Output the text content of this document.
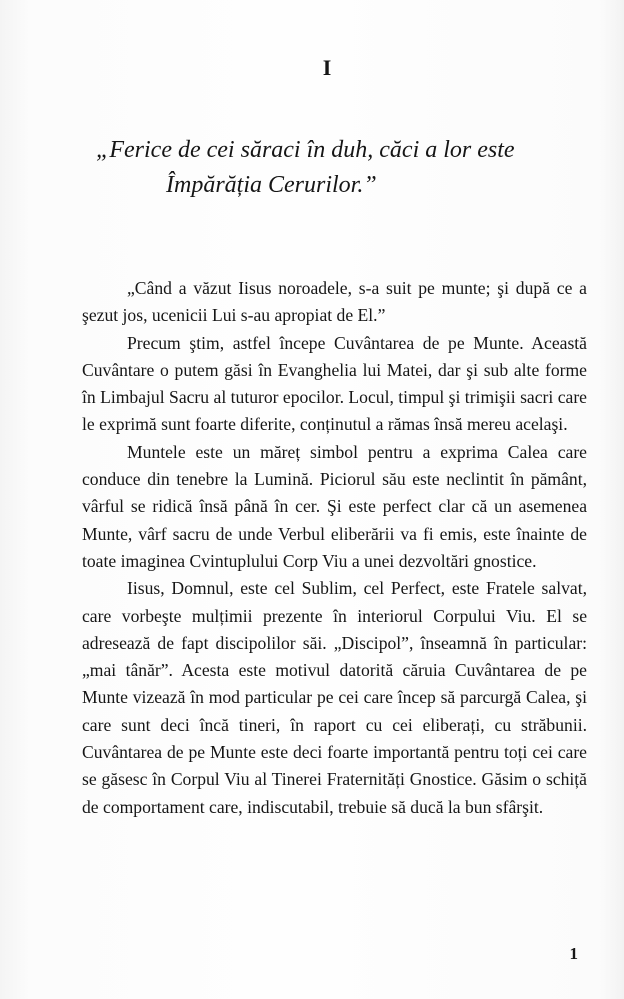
I
„Ferice de cei săraci în duh, căci a lor este
Împărăția Cerurilor.”

„Când a văzut Iisus noroadele, s-a suit pe munte; şi după ce a şezut jos, ucenicii Lui s-au apropiat de El.”

Precum ştim, astfel începe Cuvântarea de pe Munte. Această Cuvântare o putem găsi în Evanghelia lui Matei, dar şi sub alte forme în Limbajul Sacru al tuturor epocilor. Locul, timpul şi trimişii sacri care le exprimă sunt foarte diferite, conținutul a rămas însă mereu acelaşi.

Muntele este un măreț simbol pentru a exprima Calea care conduce din tenebre la Lumină. Piciorul său este neclintit în pământ, vârful se ridică însă până în cer. Şi este perfect clar că un asemenea Munte, vârf sacru de unde Verbul eliberării va fi emis, este înainte de toate imaginea Cvintuplului Corp Viu a unei dezvoltări gnostice.

Iisus, Domnul, este cel Sublim, cel Perfect, este Fratele salvat, care vorbeşte mulțimii prezente în interiorul Corpului Viu. El se adresează de fapt discipolilor săi. „Discipol”, înseamnă în particular: „mai tânăr”. Acesta este motivul datorită căruia Cuvântarea de pe Munte vizează în mod particular pe cei care încep să parcurgă Calea, şi care sunt deci încă tineri, în raport cu cei eliberați, cu străbunii. Cuvântarea de pe Munte este deci foarte importantă pentru toți cei care se găsesc în Corpul Viu al Tinerei Fraternități Gnostice. Găsim o schiță de comportament care, indiscutabil, trebuie să ducă la bun sfârşit.

1
